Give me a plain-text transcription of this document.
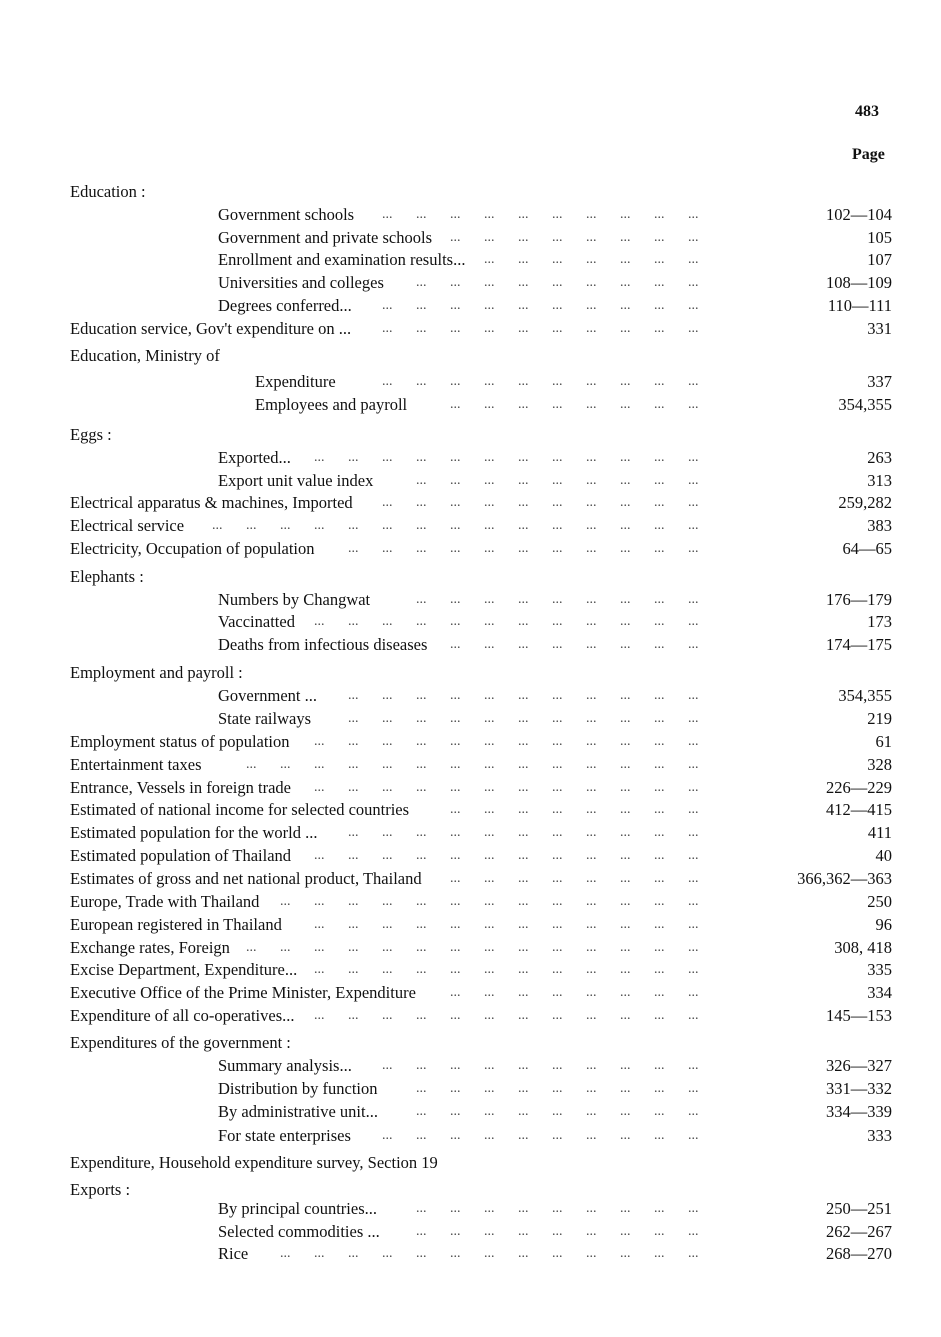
483
Page
Education :
Government schools	102—104
... ... ... ... ... ... ... ... ... ...
Government and private schools	105
... ... ... ... ... ... ... ...
Enrollment and examination results...	107
... ... ... ... ... ... ...
Universities and colleges	108—109
... ... ... ... ... ... ... ... ...
Degrees conferred...	110—111
... ... ... ... ... ... ... ... ... ...
Education service, Gov't expenditure on ...	331
... ... ... ... ... ... ... ... ... ...
Education, Ministry of
Expenditure	337
... ... ... ... ... ... ... ... ... ...
Employees and payroll	354,355
... ... ... ... ... ... ... ...
Eggs :
Exported...	263
... ... ... ... ... ... ... ... ... ... ... ...
Export unit value index	313
... ... ... ... ... ... ... ... ...
Electrical apparatus & machines, Imported	259,282
... ... ... ... ... ... ... ... ... ...
Electrical service	383
... ... ... ... ... ... ... ... ... ... ... ... ... ... ...
Electricity, Occupation of population	64—65
... ... ... ... ... ... ... ... ... ... ...
Elephants :
Numbers by Changwat	176—179
... ... ... ... ... ... ... ... ...
Vaccinatted	173
... ... ... ... ... ... ... ... ... ... ... ...
Deaths from infectious diseases	174—175
... ... ... ... ... ... ... ...
Employment and payroll :
Government ...	354,355
... ... ... ... ... ... ... ... ... ... ...
State railways	219
... ... ... ... ... ... ... ... ... ... ...
Employment status of population	61
... ... ... ... ... ... ... ... ... ... ... ...
Entertainment taxes	328
... ... ... ... ... ... ... ... ... ... ... ... ... ...
Entrance, Vessels in foreign trade	226—229
... ... ... ... ... ... ... ... ... ... ... ...
Estimated of national income for selected countries	412—415
... ... ... ... ... ... ... ...
Estimated population for the world ...	411
... ... ... ... ... ... ... ... ... ... ...
Estimated population of Thailand	40
... ... ... ... ... ... ... ... ... ... ... ...
Estimates of gross and net national product, Thailand	366,362—363
... ... ... ... ... ... ... ...
Europe, Trade with Thailand	250
... ... ... ... ... ... ... ... ... ... ... ... ...
European registered in Thailand	96
... ... ... ... ... ... ... ... ... ... ... ...
Exchange rates, Foreign	308, 418
... ... ... ... ... ... ... ... ... ... ... ... ... ...
Excise Department, Expenditure...	335
... ... ... ... ... ... ... ... ... ... ... ...
Executive Office of the Prime Minister, Expenditure	334
... ... ... ... ... ... ... ...
Expenditure of all co-operatives...	145—153
... ... ... ... ... ... ... ... ... ... ... ...
Expenditures of the government :
Summary analysis...	326—327
... ... ... ... ... ... ... ... ... ...
Distribution by function	331—332
... ... ... ... ... ... ... ... ...
By administrative unit...	334—339
... ... ... ... ... ... ... ... ...
For state enterprises	333
... ... ... ... ... ... ... ... ... ...
Expenditure, Household expenditure survey, Section 19
Exports :
By principal countries...	250—251
... ... ... ... ... ... ... ... ...
Selected commodities ...	262—267
... ... ... ... ... ... ... ... ...
Rice	268—270
... ... ... ... ... ... ... ... ... ... ... ... ...
